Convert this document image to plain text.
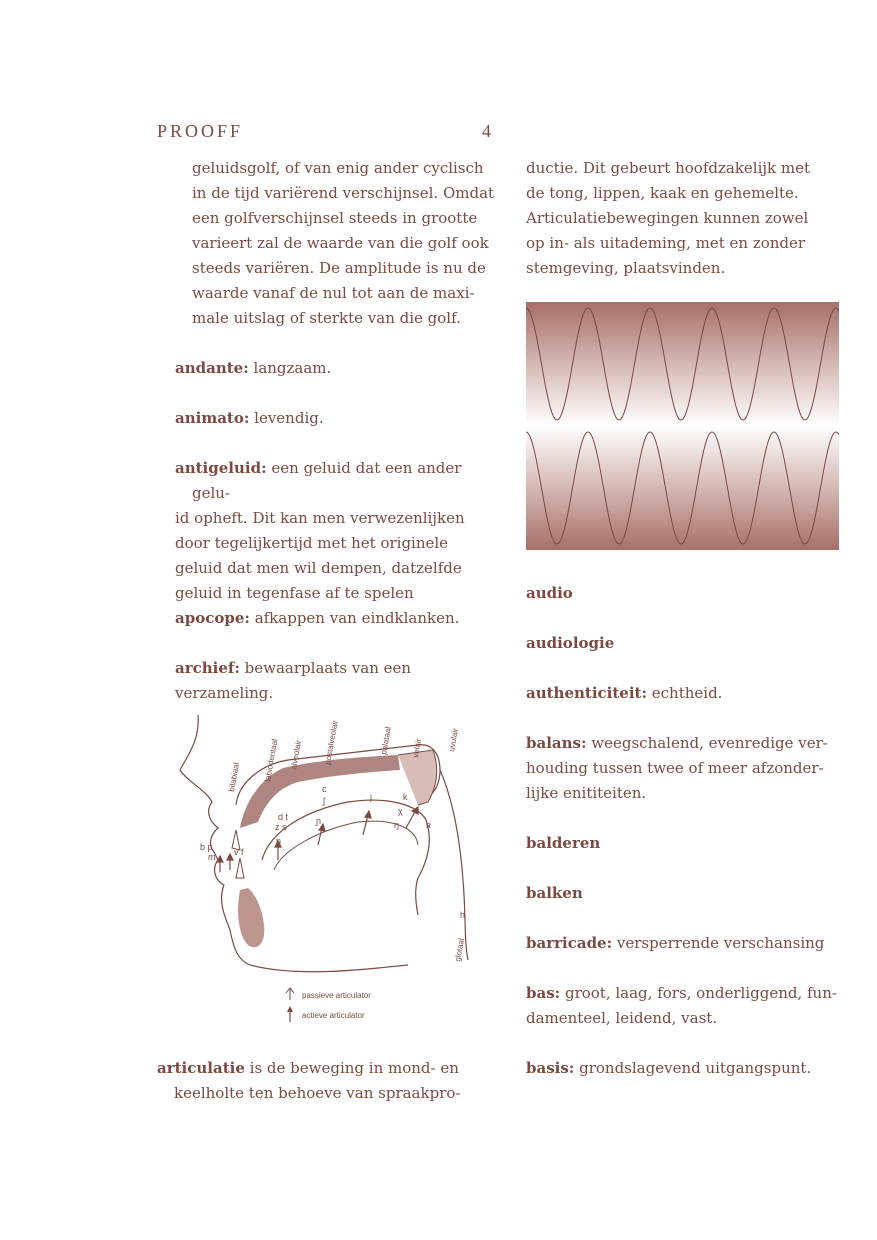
PROOFF	4
geluidsgolf, of van enig ander cyclisch
in de tijd variërend verschijnsel. Omdat
een golfverschijnsel steeds in grootte
varieert zal de waarde van die golf ook
steeds variëren. De amplitude is nu de
waarde vanaf de nul tot aan de maxi-
male uitslag of sterkte van die golf.
andante: langzaam.
animato: levendig.
antigeluid: een geluid dat een ander gelu-
id opheft. Dit kan men verwezenlijken
door tegelijkertijd met het originele
geluid dat men wil dempen, datzelfde
geluid in tegenfase af te spelen
apocope: afkappen van eindklanken.
archief: bewaarplaats van een
verzameling.
bilabiaal	labiodentaal alveolair postalveolair	palataal velair	uvulair
glotaal
c
ʃ	j	k
χ
d t
z s
ɲ	ŋ	ʀ
n
b p
m v f
h
passieve articulator
actieve articulator
articulatie is de beweging in mond- en
keelholte ten behoeve van spraakpro-
ductie. Dit gebeurt hoofdzakelijk met
de tong, lippen, kaak en gehemelte.
Articulatiebewegingen kunnen zowel
op in- als uitademing, met en zonder
stemgeving, plaatsvinden.
audio
audiologie
authenticiteit: echtheid.
balans: weegschalend, evenredige ver-
houding tussen twee of meer afzonder-
lijke enititeiten.
balderen
balken
barricade: versperrende verschansing
bas: groot, laag, fors, onderliggend, fun-
damenteel, leidend, vast.
basis: grondslagevend uitgangspunt.
